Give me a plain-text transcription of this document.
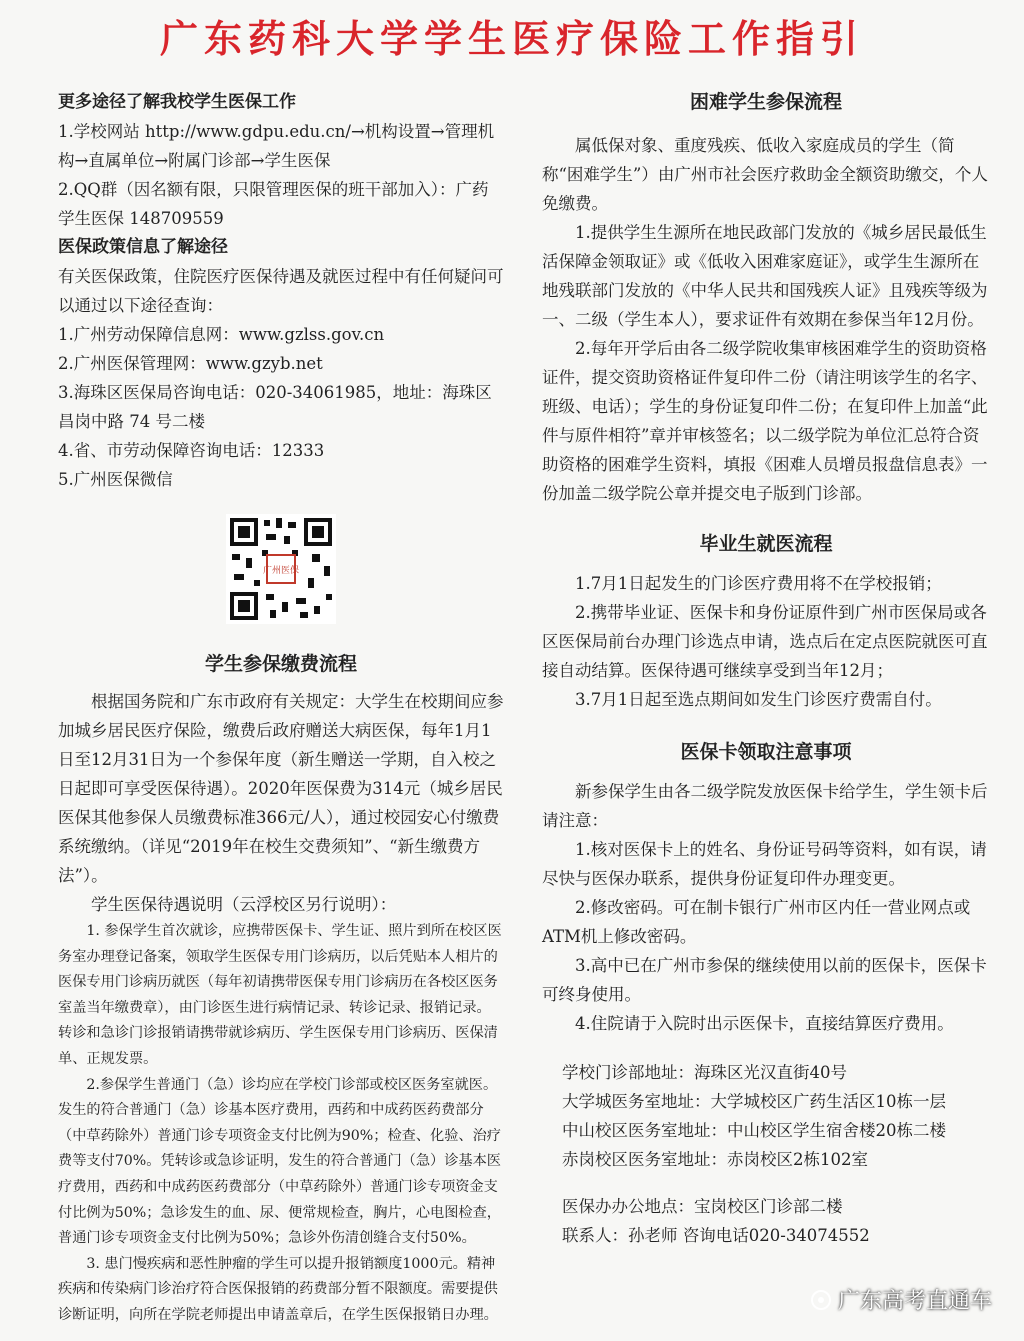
广东药科大学学生医疗保险工作指引

更多途径了解我校学生医保工作

1.学校网站 http://www.gdpu.edu.cn/→机构设置→管理机构→直属单位→附属门诊部→学生医保

2.QQ群（因名额有限，只限管理医保的班干部加入）：广药学生医保 148709559

医保政策信息了解途径

有关医保政策，住院医疗医保待遇及就医过程中有任何疑问可以通过以下途径查询：

1.广州劳动保障信息网：www.gzlss.gov.cn

2.广州医保管理网：www.gzyb.net

3.海珠区医保局咨询电话：020-34061985，地址：海珠区昌岗中路 74 号二楼

4.省、市劳动保障咨询电话：12333

5.广州医保微信

广州医保

学生参保缴费流程

根据国务院和广东市政府有关规定：大学生在校期间应参加城乡居民医疗保险，缴费后政府赠送大病医保，每年1月1日至12月31日为一个参保年度（新生赠送一学期，自入校之日起即可享受医保待遇）。2020年医保费为314元（城乡居民医保其他参保人员缴费标准366元/人），通过校园安心付缴费系统缴纳。（详见“2019年在校生交费须知”、“新生缴费方法”）。

学生医保待遇说明（云浮校区另行说明）：

1. 参保学生首次就诊，应携带医保卡、学生证、照片到所在校区医务室办理登记备案，领取学生医保专用门诊病历，以后凭贴本人相片的医保专用门诊病历就医（每年初请携带医保专用门诊病历在各校区医务室盖当年缴费章），由门诊医生进行病情记录、转诊记录、报销记录。转诊和急诊门诊报销请携带就诊病历、学生医保专用门诊病历、医保清单、正规发票。

2.参保学生普通门（急）诊均应在学校门诊部或校区医务室就医。发生的符合普通门（急）诊基本医疗费用，西药和中成药医药费部分（中草药除外）普通门诊专项资金支付比例为90%；检查、化验、治疗费等支付70%。凭转诊或急诊证明，发生的符合普通门（急）诊基本医疗费用，西药和中成药医药费部分（中草药除外）普通门诊专项资金支付比例为50%；急诊发生的血、尿、便常规检查，胸片，心电图检查，普通门诊专项资金支付比例为50%；急诊外伤清创缝合支付50%。

3. 患门慢疾病和恶性肿瘤的学生可以提升报销额度1000元。精神疾病和传染病门诊治疗符合医保报销的药费部分暂不限额度。需要提供诊断证明，向所在学院老师提出申请盖章后，在学生医保报销日办理。

困难学生参保流程

属低保对象、重度残疾、低收入家庭成员的学生（简称“困难学生”）由广州市社会医疗救助金全额资助缴交，个人免缴费。

1.提供学生生源所在地民政部门发放的《城乡居民最低生活保障金领取证》或《低收入困难家庭证》，或学生生源所在地残联部门发放的《中华人民共和国残疾人证》且残疾等级为一、二级（学生本人），要求证件有效期在参保当年12月份。

2.每年开学后由各二级学院收集审核困难学生的资助资格证件，提交资助资格证件复印件二份（请注明该学生的名字、班级、电话）；学生的身份证复印件二份；在复印件上加盖“此件与原件相符”章并审核签名；以二级学院为单位汇总符合资助资格的困难学生资料，填报《困难人员增员报盘信息表》一份加盖二级学院公章并提交电子版到门诊部。

毕业生就医流程

1.7月1日起发生的门诊医疗费用将不在学校报销；

2.携带毕业证、医保卡和身份证原件到广州市医保局或各区医保局前台办理门诊选点申请，选点后在定点医院就医可直接自动结算。医保待遇可继续享受到当年12月；

3.7月1日起至选点期间如发生门诊医疗费需自付。

医保卡领取注意事项

新参保学生由各二级学院发放医保卡给学生，学生领卡后请注意：

1.核对医保卡上的姓名、身份证号码等资料，如有误，请尽快与医保办联系，提供身份证复印件办理变更。

2.修改密码。可在制卡银行广州市区内任一营业网点或ATM机上修改密码。

3.高中已在广州市参保的继续使用以前的医保卡，医保卡可终身使用。

4.住院请于入院时出示医保卡，直接结算医疗费用。

学校门诊部地址：海珠区光汉直街40号

大学城医务室地址：大学城校区广药生活区10栋一层

中山校区医务室地址：中山校区学生宿舍楼20栋二楼

赤岗校区医务室地址：赤岗校区2栋102室

医保办办公地点：宝岗校区门诊部二楼

联系人：孙老师 咨询电话020-34074552

广东高考直通车
